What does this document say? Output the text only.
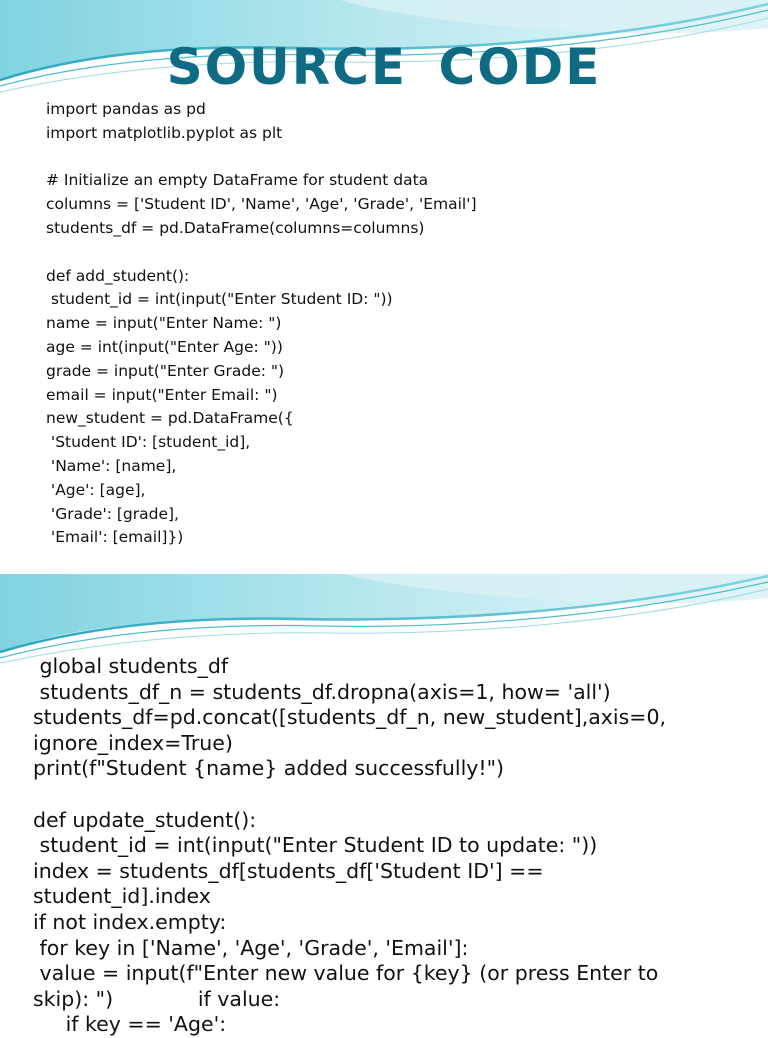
SOURCE CODE
import pandas as pd
import matplotlib.pyplot as plt
# Initialize an empty DataFrame for student data
columns = ['Student ID', 'Name', 'Age', 'Grade', 'Email']
students_df = pd.DataFrame(columns=columns)
def add_student():
student_id = int(input("Enter Student ID: "))
name = input("Enter Name: ")
age = int(input("Enter Age: "))
grade = input("Enter Grade: ")
email = input("Enter Email: ")
new_student = pd.DataFrame({
'Student ID': [student_id],
'Name': [name],
'Age': [age],
'Grade': [grade],
'Email': [email]})
global students_df
students_df_n = students_df.dropna(axis=1, how= 'all')
students_df=pd.concat([students_df_n, new_student],axis=0,
ignore_index=True)
print(f"Student {name} added successfully!")
def update_student():
student_id = int(input("Enter Student ID to update: "))
index = students_df[students_df['Student ID'] ==
student_id].index
if not index.empty:
for key in ['Name', 'Age', 'Grade', 'Email']:
value = input(f"Enter new value for {key} (or press Enter to
skip): ")             if value:
if key == 'Age':
